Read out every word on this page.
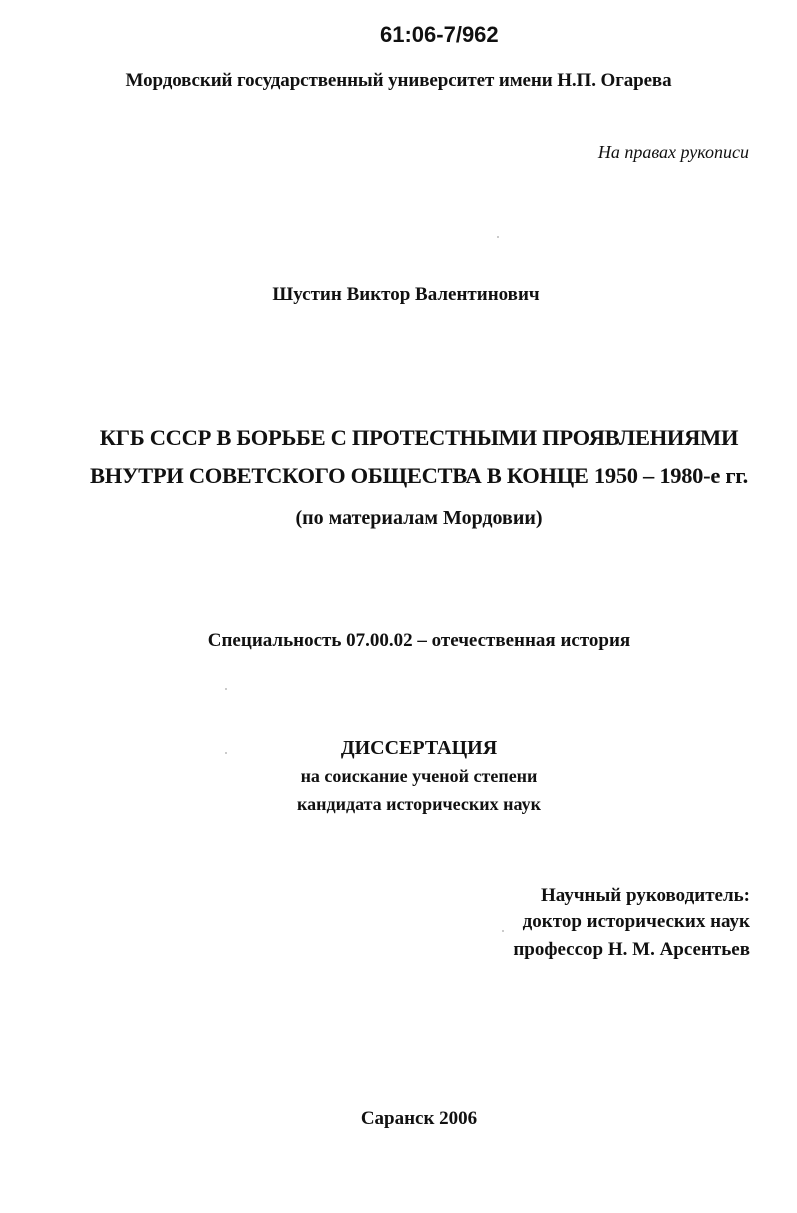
61:06-7/962
Мордовский государственный университет имени Н.П. Огарева
На правах рукописи
Шустин Виктор Валентинович
КГБ СССР В БОРЬБЕ С ПРОТЕСТНЫМИ ПРОЯВЛЕНИЯМИ
ВНУТРИ СОВЕТСКОГО ОБЩЕСТВА В КОНЦЕ 1950 – 1980-е гг.
(по материалам Мордовии)
Специальность 07.00.02 – отечественная история
ДИССЕРТАЦИЯ
на соискание ученой степени
кандидата исторических наук
Научный руководитель:
доктор исторических наук
профессор Н. М. Арсентьев
Саранск 2006
